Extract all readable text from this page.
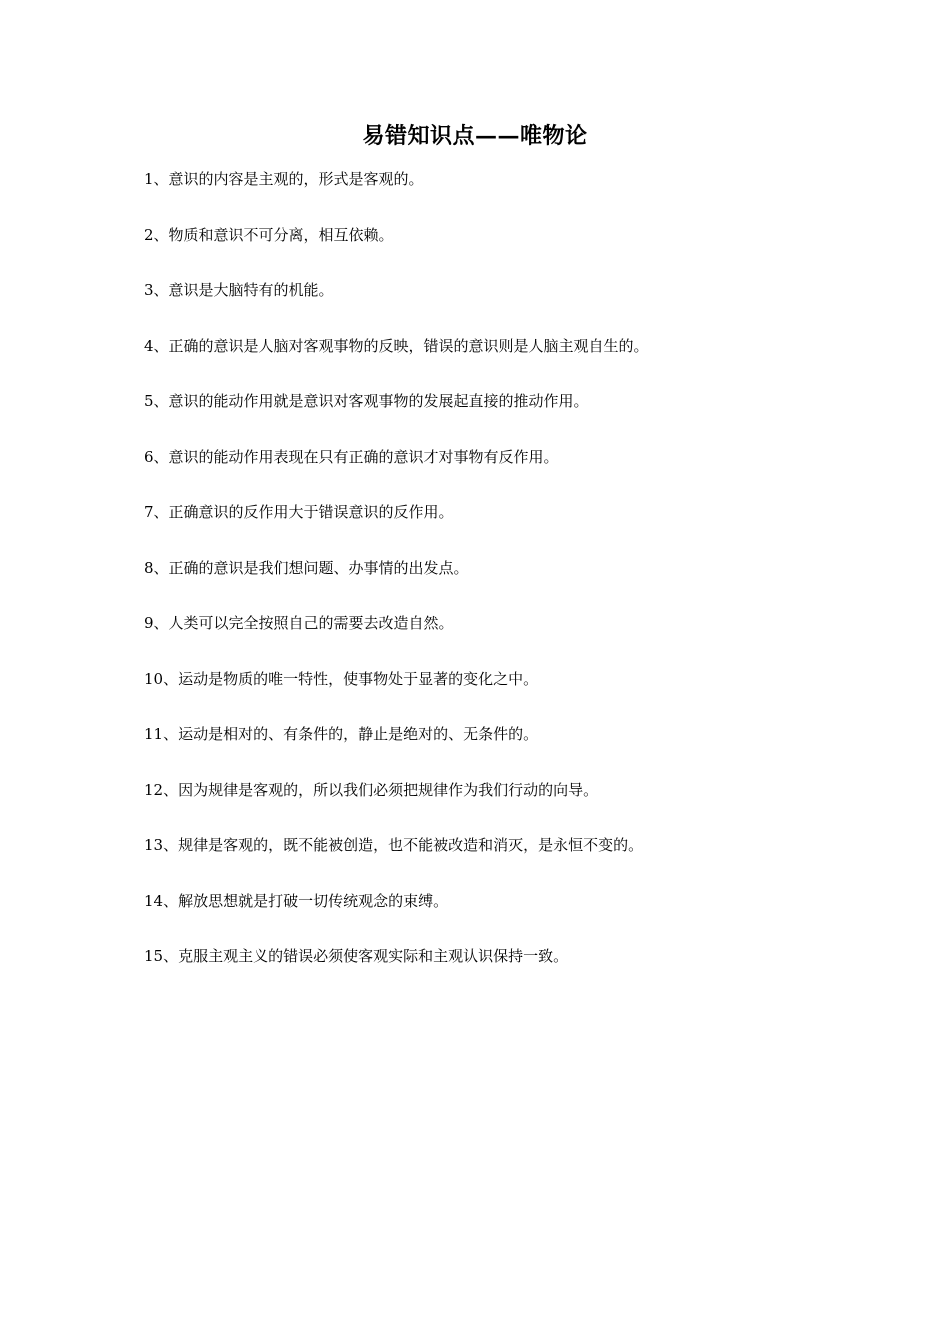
易错知识点——唯物论
1、意识的内容是主观的，形式是客观的。
2、物质和意识不可分离，相互依赖。
3、意识是大脑特有的机能。
4、正确的意识是人脑对客观事物的反映，错误的意识则是人脑主观自生的。
5、意识的能动作用就是意识对客观事物的发展起直接的推动作用。
6、意识的能动作用表现在只有正确的意识才对事物有反作用。
7、正确意识的反作用大于错误意识的反作用。
8、正确的意识是我们想问题、办事情的出发点。
9、人类可以完全按照自己的需要去改造自然。
10、运动是物质的唯一特性，使事物处于显著的变化之中。
11、运动是相对的、有条件的，静止是绝对的、无条件的。
12、因为规律是客观的，所以我们必须把规律作为我们行动的向导。
13、规律是客观的，既不能被创造，也不能被改造和消灭，是永恒不变的。
14、解放思想就是打破一切传统观念的束缚。
15、克服主观主义的错误必须使客观实际和主观认识保持一致。
